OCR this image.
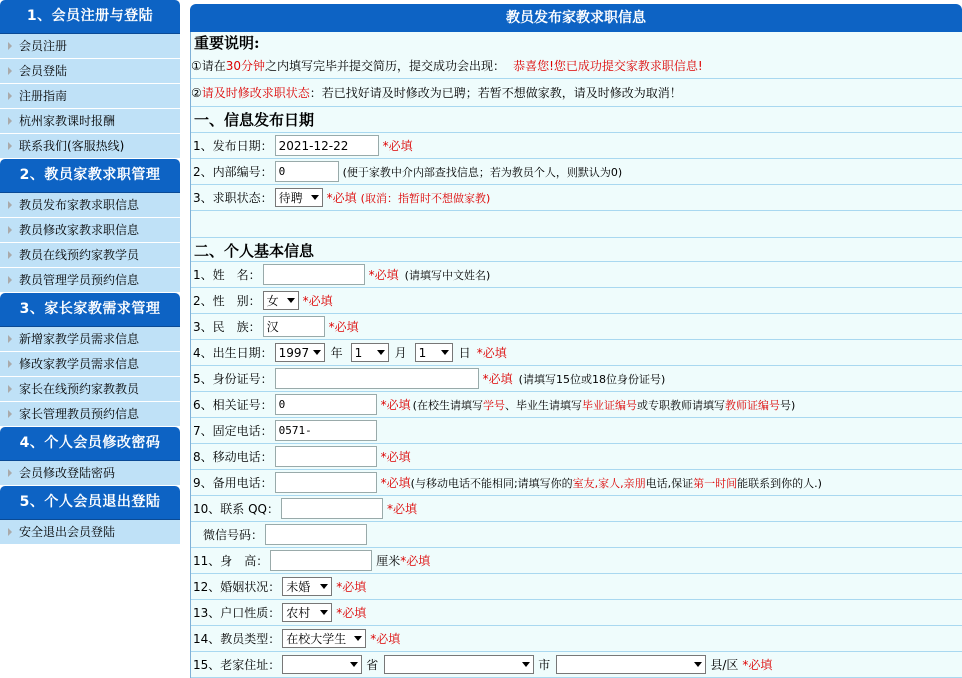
1、会员注册与登陆
会员注册
会员登陆
注册指南
杭州家教课时报酬
联系我们(客服热线)
2、教员家教求职管理
教员发布家教求职信息
教员修改家教求职信息
教员在线预约家教学员
教员管理学员预约信息
3、家长家教需求管理
新增家教学员需求信息
修改家教学员需求信息
家长在线预约家教教员
家长管理教员预约信息
4、个人会员修改密码
会员修改登陆密码
5、个人会员退出登陆
安全退出会员登陆
教员发布家教求职信息
重要说明:
①请在 30分钟 之内填写完毕并提交简历，提交成功会出现： 恭喜您!您已成功提交家教求职信息!
② 请及时修改求职状态 ：若已找好请及时修改为已聘；若暂不想做家教，请及时修改为取消！
一、信息发布日期
1、发布日期：
2021-12-22	*必填
2、内部编号：
0	(便于家教中介内部查找信息；若为教员个人，则默认为0)
3、求职状态： 待聘 *必填 (取消：指暂时不想做家教)
二、个人基本信息
1、姓　名：	*必填 (请填写中文姓名)
2、性　别： 女 *必填
3、民　族：
汉	*必填
4、出生日期： 1997 年 1	月 1	日 *必填
5、身份证号：	*必填 (请填写15位或18位身份证号)
6、相关证号：
0	*必填 (在校生请填写学号、毕业生请填写毕业证编号或专职教师请填写教师证编号号)
7、固定电话：
0571-
8、移动电话：	*必填
9、备用电话：	*必填 (与移动电话不能相同;请填写你的室友,家人,亲朋电话,保证第一时间能联系到你的人.)
10、联系 QQ：	*必填
微信号码：
11、身　高：	厘米 *必填
12、婚姻状况： 未婚 *必填
13、户口性质： 农村 *必填
14、教员类型： 在校大学生 *必填
15、老家住址：	省	市	县/区 *必填
